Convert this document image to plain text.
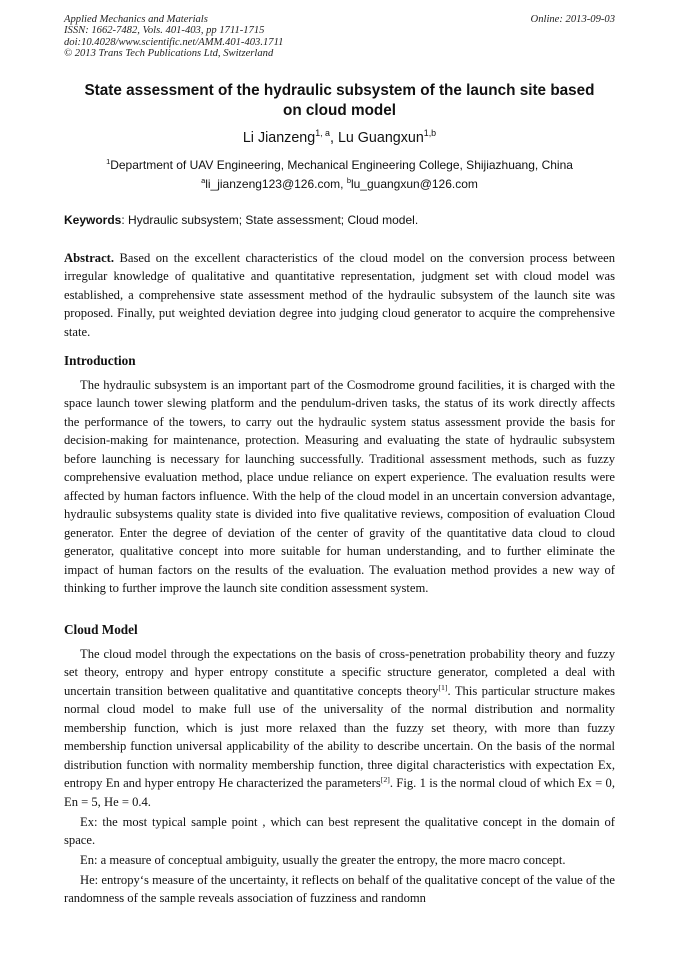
Applied Mechanics and Materials
ISSN: 1662-7482, Vols. 401-403, pp 1711-1715
doi:10.4028/www.scientific.net/AMM.401-403.1711
© 2013 Trans Tech Publications Ltd, Switzerland
Online: 2013-09-03
State assessment of the hydraulic subsystem of the launch site based
on cloud model
Li Jianzeng$^{1, a}$, Lu Guangxun$^{1,b}$
$^1$Department of UAV Engineering, Mechanical Engineering College, Shijiazhuang, China
$^a$li_jianzeng123@126.com, $^b$lu_guangxun@126.com
Keywords: Hydraulic subsystem; State assessment; Cloud model.
Abstract. Based on the excellent characteristics of the cloud model on the conversion process between irregular knowledge of qualitative and quantitative representation, judgment set with cloud model was established, a comprehensive state assessment method of the hydraulic subsystem of the launch site was proposed. Finally, put weighted deviation degree into judging cloud generator to acquire the comprehensive state.
Introduction
The hydraulic subsystem is an important part of the Cosmodrome ground facilities, it is charged with the space launch tower slewing platform and the pendulum-driven tasks, the status of its work directly affects the performance of the towers, to carry out the hydraulic system status assessment provide the basis for decision-making for maintenance, protection. Measuring and evaluating the state of hydraulic subsystem before launching is necessary for launching successfully. Traditional assessment methods, such as fuzzy comprehensive evaluation method, place undue reliance on expert experience. The evaluation results were affected by human factors influence. With the help of the cloud model in an uncertain conversion advantage, hydraulic subsystems quality state is divided into five qualitative reviews, composition of evaluation Cloud generator. Enter the degree of deviation of the center of gravity of the quantitative data cloud to cloud generator, qualitative concept into more suitable for human understanding, and to further eliminate the impact of human factors on the results of the evaluation. The evaluation method provides a new way of thinking to further improve the launch site condition assessment system.
Cloud Model
The cloud model through the expectations on the basis of cross-penetration probability theory and fuzzy set theory, entropy and hyper entropy constitute a specific structure generator, completed a deal with uncertain transition between qualitative and quantitative concepts theory[1]. This particular structure makes normal cloud model to make full use of the universality of the normal distribution and normality membership function, which is just more relaxed than the fuzzy set theory, with more than fuzzy membership function universal applicability of the ability to describe uncertain. On the basis of the normal distribution function with normality membership function, three digital characteristics with expectation Ex, entropy En and hyper entropy He characterized the parameters[2]. Fig. 1 is the normal cloud of which Ex = 0, En = 5, He = 0.4.
Ex: the most typical sample point , which can best represent the qualitative concept in the domain of space.
En: a measure of conceptual ambiguity, usually the greater the entropy, the more macro concept.
He: entropy‘s measure of the uncertainty, it reflects on behalf of the qualitative concept of the value of the randomness of the sample reveals association of fuzziness and randomn
